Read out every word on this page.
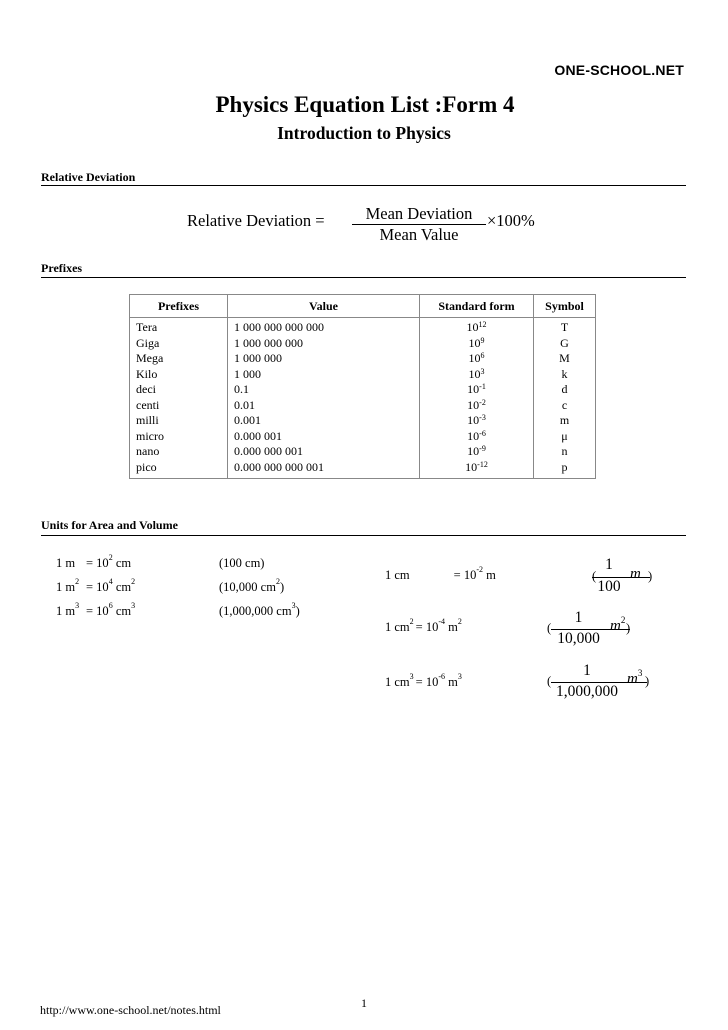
ONE-SCHOOL.NET
Physics Equation List :Form 4
Introduction to Physics
Relative Deviation
Relative Deviation =	Mean Deviation
Mean Value
×100%
Prefixes
Prefixes	Value	Standard form	Symbol
Tera	1 000 000 000 000	$10^{12}$	T
Giga	1 000 000 000	$10^9$	G
Mega	1 000 000	$10^6$	M
Kilo	1 000	$10^3$	k
deci	0.1	$10^{-1}$	d
centi	0.01	$10^{-2}$	c
milli	0.001	$10^{-3}$	m
micro	0.000 001	$10^{-6}$	μ
nano	0.000 000 001	$10^{-9}$	n
pico	0.000 000 000 001	$10^{-12}$	p
Units for Area and Volume
1 $m = 10^2$ cm	(100 cm)
1 $m^2 = 10^4$ $cm^2$	(10,000 $cm^2$)
1 $m^3 = 10^6$ $cm^3$	(1,000,000 $cm^3$)
1 cm	= $10^{-2}$ m	(
1
100
m )
1 $cm^2 = 10^{-4}$ $m^2$	(
1
10,000
$m^2$
)
1 $cm^3 = 10^{-6}$ $m^3$	(
1
1,000,000
$m^3$
)
http://www.one-school.net/notes.html	1
